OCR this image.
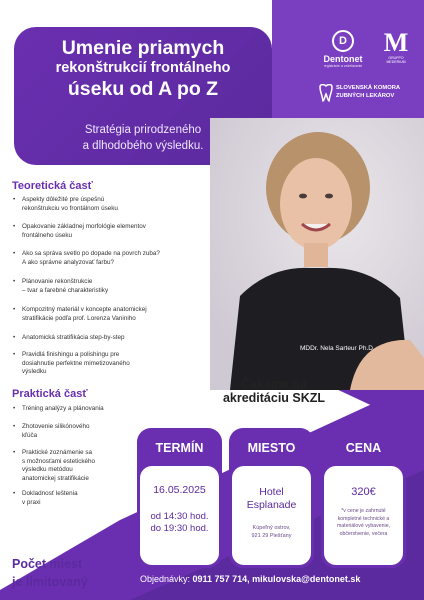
Umenie priamych
rekonštrukcií frontálneho
úseku od A po Z
Stratégia prirodzeného
a dlhodobého výsledku.
D
Dentonet
registrácie a vzdelávanie
M
GRUPPO MEDERIUM
SLOVENSKÁ KOMORA
ZUBNÝCH LEKÁROV
MDDr. Nela Sarteur Ph.D.
Teoretická časť
• Aspekty dôležité pre úspešnú
rekonštrukciu vo frontálnom úseku
• Opakovanie základnej morfológie elementov
frontálneho úseku
• Ako sa správa svetlo po dopade na povrch zuba?
A ako správne analyzovať farbu?
• Plánovanie rekonštrukcie
– tvar a farebné charakteristiky
• Kompozitný materiál v koncepte anatomickej
stratifikácie podľa prof. Lorenza Vaniniho
• Anatomická stratifikácia step-by-step
• Pravidlá finishingu a polishingu pre
dosiahnutie perfektne mimetizovaného
výsledku
Praktická časť
• Tréning analýzy a plánovania
• Zhotovenie silikónového
kľúča
• Praktické zoznámenie sa
s možnosťami estetického
výsledku metódou
anatomickej stratifikácie
• Dokladnosť leštenia
v praxi
Čakáme na
akreditáciu SKZL
TERMÍN
16.05.2025
od 14:30 hod.
do 19:30 hod.
MIESTO
Hotel
Esplanade
Kúpeľný ostrov,
921 29 Piešťany
CENA
320€
*v cene je zahrnuté
kompletné technické a
materiálové vybavenie,
občerstvenie, večera
Počet miest
je limitovaný	Objednávky: 0911 757 714, mikulovska@dentonet.sk
